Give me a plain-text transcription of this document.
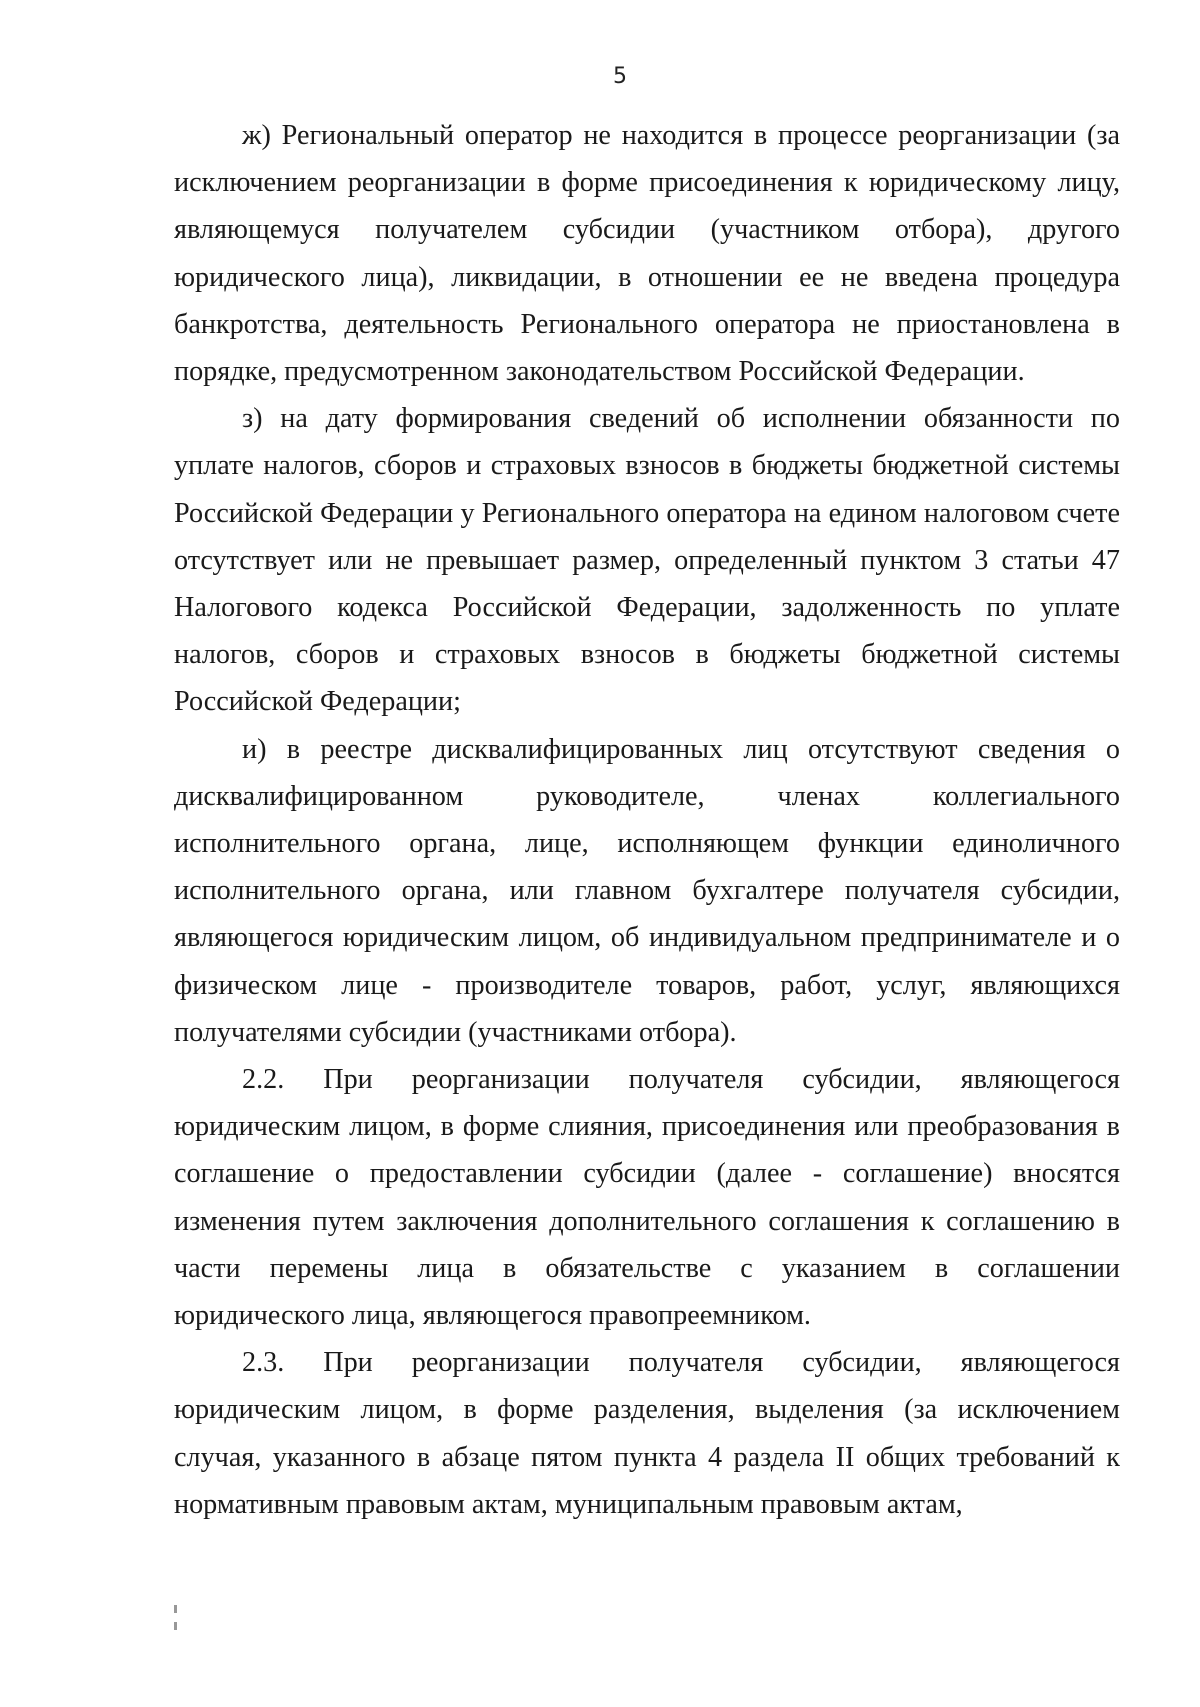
5

ж) Региональный оператор не находится в процессе реорганизации (за исключением реорганизации в форме присоединения к юридическому лицу, являющемуся получателем субсидии (участником отбора), другого юридического лица), ликвидации, в отношении ее не введена процедура банкротства, деятельность Регионального оператора не приостановлена в порядке, предусмотренном законодательством Российской Федерации.

з) на дату формирования сведений об исполнении обязанности по уплате налогов, сборов и страховых взносов в бюджеты бюджетной системы Российской Федерации у Регионального оператора на едином налоговом счете отсутствует или не превышает размер, определенный пунктом 3 статьи 47 Налогового кодекса Российской Федерации, задолженность по уплате налогов, сборов и страховых взносов в бюджеты бюджетной системы Российской Федерации;

и) в реестре дисквалифицированных лиц отсутствуют сведения о дисквалифицированном руководителе, членах коллегиального исполнительного органа, лице, исполняющем функции единоличного исполнительного органа, или главном бухгалтере получателя субсидии, являющегося юридическим лицом, об индивидуальном предпринимателе и о физическом лице - производителе товаров, работ, услуг, являющихся получателями субсидии (участниками отбора).

2.2. При реорганизации получателя субсидии, являющегося юридическим лицом, в форме слияния, присоединения или преобразования в соглашение о предоставлении субсидии (далее - соглашение) вносятся изменения путем заключения дополнительного соглашения к соглашению в части перемены лица в обязательстве с указанием в соглашении юридического лица, являющегося правопреемником.

2.3. При реорганизации получателя субсидии, являющегося юридическим лицом, в форме разделения, выделения (за исключением случая, указанного в абзаце пятом пункта 4 раздела II общих требований к нормативным правовым актам, муниципальным правовым актам,
